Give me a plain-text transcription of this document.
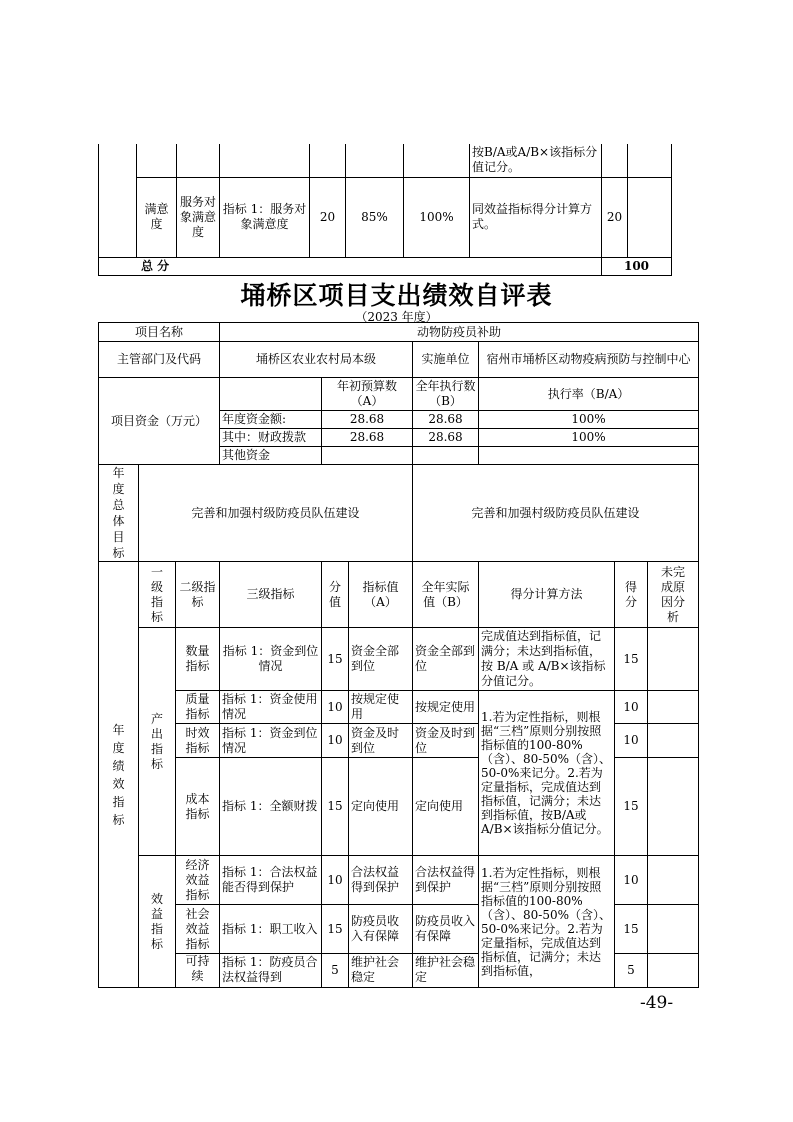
							按B/A或A/B×该指标分值记分。		
	满意度	服务对象满意度	指标 1：服务对象满意度	20	85%	100%	同效益指标得分计算方式。	20	
总 分								100	
埇桥区项目支出绩效自评表
（2023 年度）
项目名称			动物防疫员补助						
主管部门及代码			埇桥区农业农村局本级			实施单位	宿州市埇桥区动物疫病预防与控制中心		
项目资金（万元）				年初预算数（A）		全年执行数（B）	执行率（B/A）		
			年度资金额:	28.68		28.68	100%		
			其中：财政拨款	28.68		28.68	100%		
			其他资金						
年度总体目标	完善和加强村级防疫员队伍建设					完善和加强村级防疫员队伍建设			
年度绩效指标	一级指标	二级指标	三级指标	分值	指标值（A）	全年实际值（B）	得分计算方法	得分	未完成原因分析
	产出指标	数量指标	指标 1：资金到位情况	15	资金全部到位	资金全部到位	完成值达到指标值，记满分；未达到指标值，按 B/A 或 A/B×该指标分值记分。	15	
		质量指标	指标 1：资金使用情况	10	按规定使用	按规定使用	1.若为定性指标，则根据“三档”原则分别按照指标值的100-80%（含）、80-50%（含）、50-0%来记分。2.若为定量指标，完成值达到指标值，记满分；未达到指标值，按B/A或A/B×该指标分值记分。	10	
		时效指标	指标 1：资金到位情况	10	资金及时到位	资金及时到位		10	
		成本指标	指标 1：全额财拨	15	定向使用	定向使用		15	
	效益指标	经济效益指标	指标 1：合法权益能否得到保护	10	合法权益得到保护	合法权益得到保护	1.若为定性指标，则根据“三档”原则分别按照指标值的100-80%（含）、80-50%（含）、50-0%来记分。2.若为定量指标，完成值达到指标值，记满分；未达到指标值，	10	
		社会效益指标	指标 1：职工收入	15	防疫员收入有保障	防疫员收入有保障		15	
		可持续	指标 1：防疫员合法权益得到	5	维护社会稳定	维护社会稳定		5	
-49-
